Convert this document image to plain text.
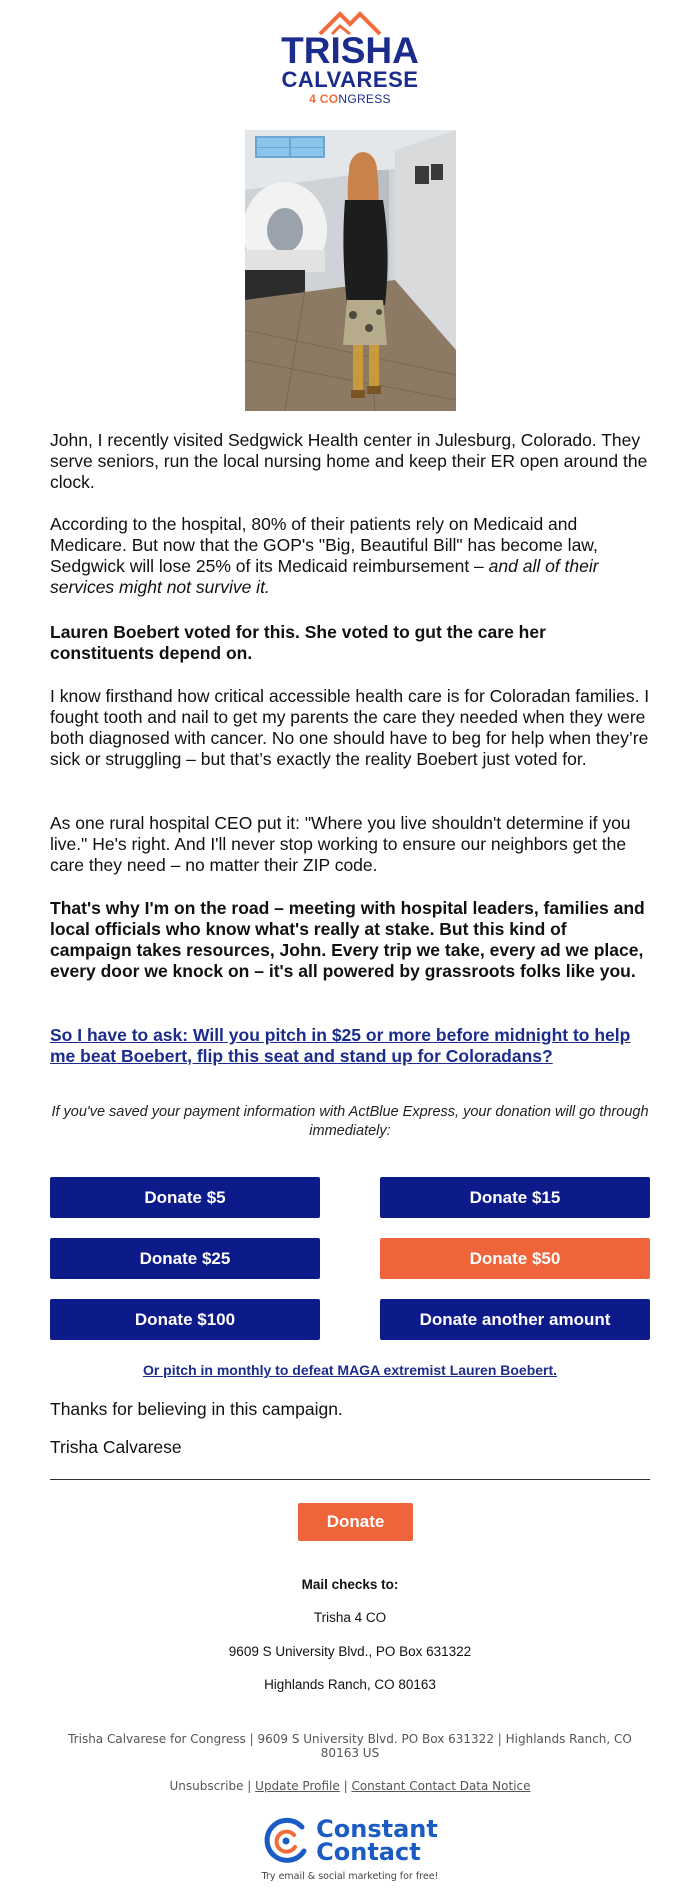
TRISHA
CALVARESE
4 CONGRESS

John, I recently visited Sedgwick Health center in Julesburg, Colorado. They serve seniors, run the local nursing home and keep their ER open around the clock.

According to the hospital, 80% of their patients rely on Medicaid and Medicare. But now that the GOP's "Big, Beautiful Bill" has become law, Sedgwick will lose 25% of its Medicaid reimbursement – and all of their services might not survive it.

Lauren Boebert voted for this. She voted to gut the care her constituents depend on.

I know firsthand how critical accessible health care is for Coloradan families. I fought tooth and nail to get my parents the care they needed when they were both diagnosed with cancer. No one should have to beg for help when they’re sick or struggling – but that’s exactly the reality Boebert just voted for.

As one rural hospital CEO put it: "Where you live shouldn't determine if you live." He's right. And I'll never stop working to ensure our neighbors get the care they need – no matter their ZIP code.

That's why I'm on the road – meeting with hospital leaders, families and local officials who know what's really at stake. But this kind of campaign takes resources, John. Every trip we take, every ad we place, every door we knock on – it's all powered by grassroots folks like you.

So I have to ask: Will you pitch in $25 or more before midnight to help me beat Boebert, flip this seat and stand up for Coloradans?

If you've saved your payment information with ActBlue Express, your donation will go through immediately:

Donate $5	Donate $15
Donate $25	Donate $50
Donate $100	Donate another amount
Or pitch in monthly to defeat MAGA extremist Lauren Boebert.

Thanks for believing in this campaign.

Trisha Calvarese

Donate

Mail checks to:

Trisha 4 CO

9609 S University Blvd., PO Box 631322

Highlands Ranch, CO 80163

Trisha Calvarese for Congress | 9609 S University Blvd. PO Box 631322 | Highlands Ranch, CO 80163 US

Unsubscribe | Update Profile | Constant Contact Data Notice

Constant
Contact
Try email & social marketing for free!
